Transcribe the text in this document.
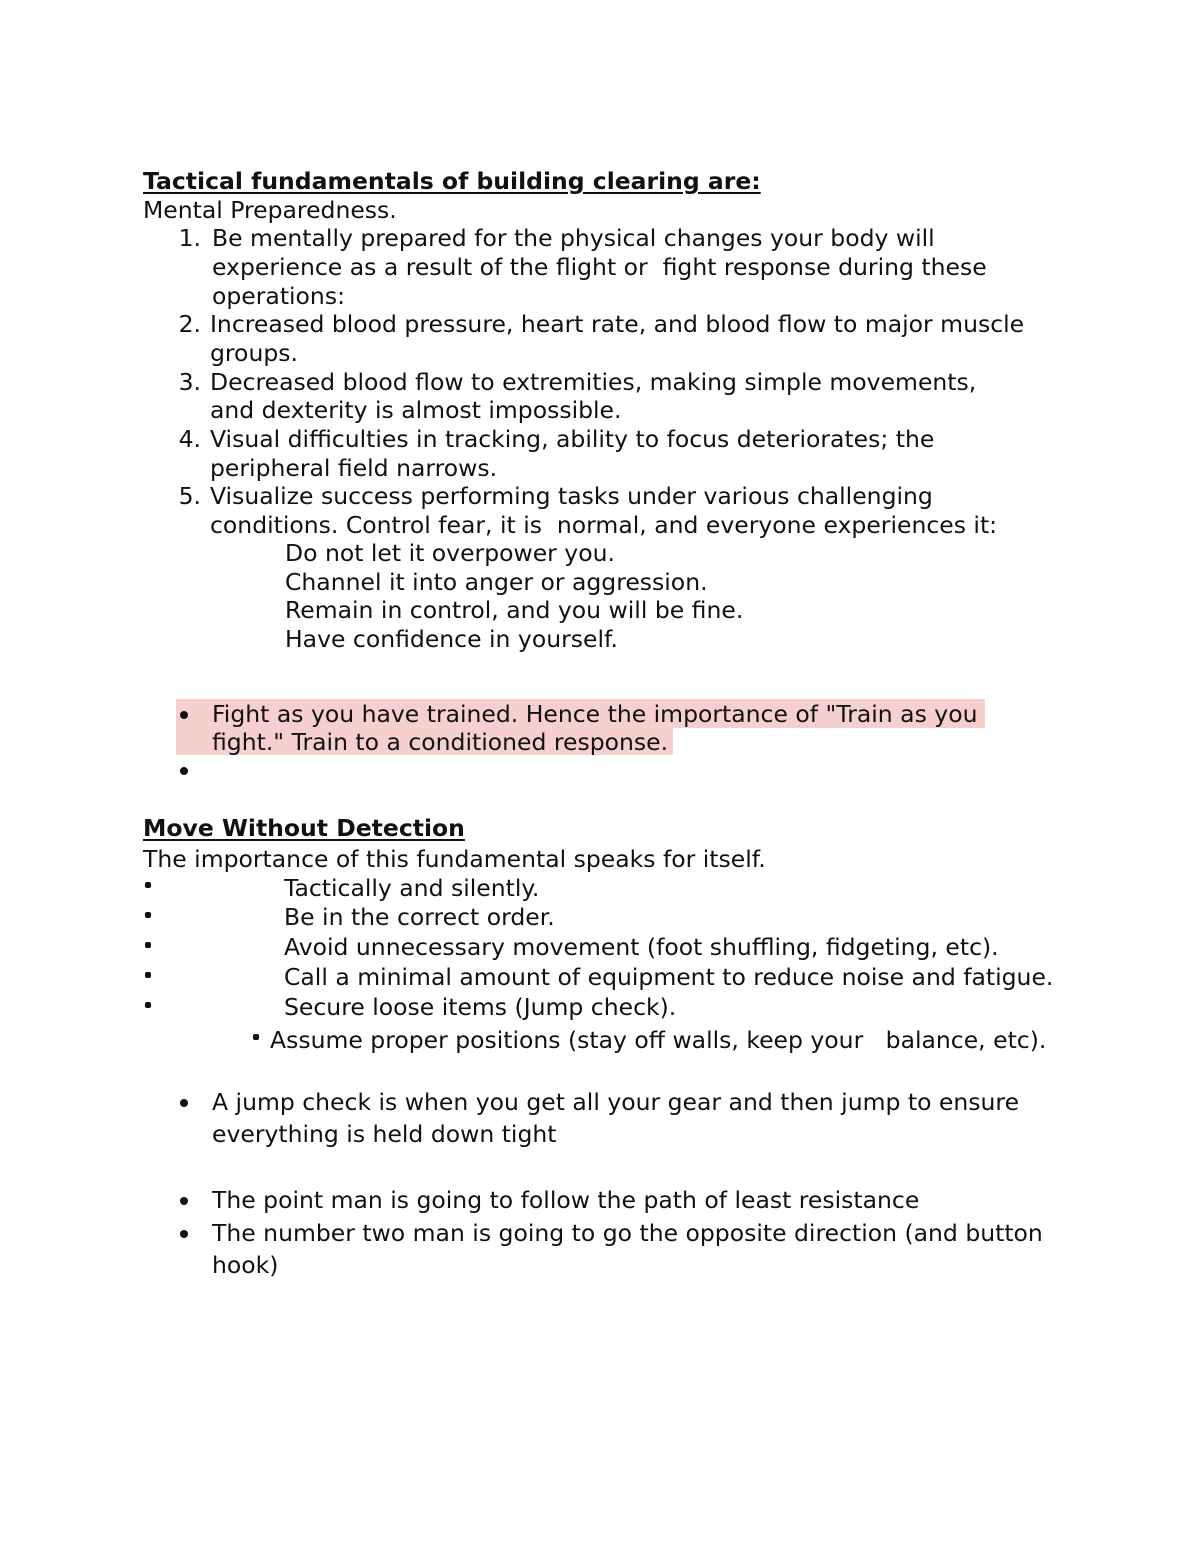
Tactical fundamentals of building clearing are:
Mental Preparedness.
1. Be mentally prepared for the physical changes your body will
experience as a result of the flight or  fight response during these
operations:
2. Increased blood pressure, heart rate, and blood flow to major muscle
groups.
3. Decreased blood flow to extremities, making simple movements,
and dexterity is almost impossible.
4. Visual difficulties in tracking, ability to focus deteriorates; the
peripheral field narrows.
5. Visualize success performing tasks under various challenging
conditions. Control fear, it is  normal, and everyone experiences it:
Do not let it overpower you.
Channel it into anger or aggression.
Remain in control, and you will be fine.
Have confidence in yourself.
Fight as you have trained. Hence the importance of "Train as you
fight." Train to a conditioned response.
Move Without Detection
The importance of this fundamental speaks for itself.
Tactically and silently.
Be in the correct order.
Avoid unnecessary movement (foot shuffling, fidgeting, etc).
Call a minimal amount of equipment to reduce noise and fatigue.
Secure loose items (Jump check).
Assume proper positions (stay off walls, keep your   balance, etc).
A jump check is when you get all your gear and then jump to ensure
everything is held down tight
The point man is going to follow the path of least resistance
The number two man is going to go the opposite direction (and button
hook)
